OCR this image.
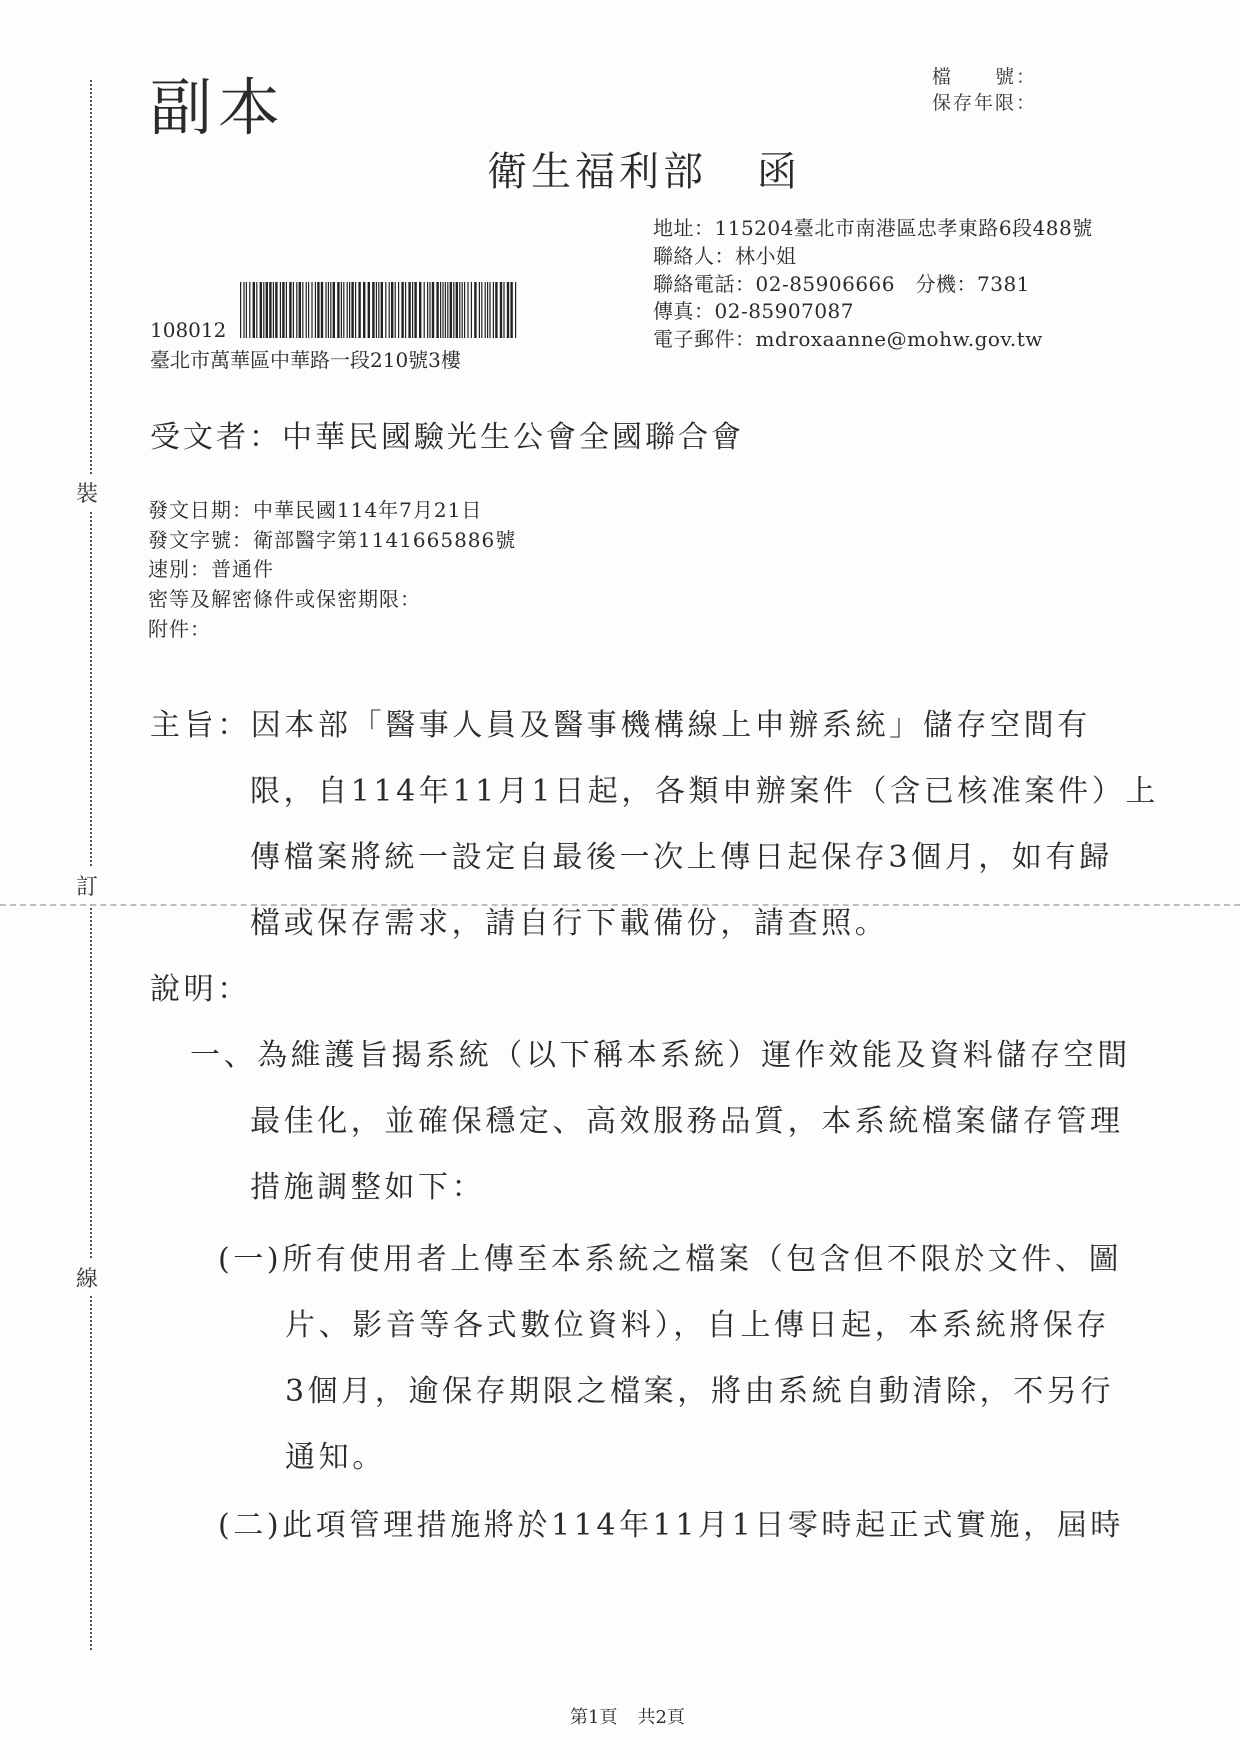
裝
訂
線
副本	檔　　號：
保存年限：
衛生福利部 函
地址：115204臺北市南港區忠孝東路6段488號
聯絡人：林小姐
聯絡電話：02-85906666　分機：7381
傳真：02-85907087
電子郵件：mdroxaanne@mohw.gov.tw
108012
臺北市萬華區中華路一段210號3樓
受文者：中華民國驗光生公會全國聯合會
發文日期：中華民國114年7月21日
發文字號：衛部醫字第1141665886號
速別：普通件
密等及解密條件或保密期限：
附件：
主旨：因本部「醫事人員及醫事機構線上申辦系統」儲存空間有
限，自114年11月1日起，各類申辦案件（含已核准案件）上
傳檔案將統一設定自最後一次上傳日起保存3個月，如有歸
檔或保存需求，請自行下載備份，請查照。
說明：
一、為維護旨揭系統（以下稱本系統）運作效能及資料儲存空間
最佳化，並確保穩定、高效服務品質，本系統檔案儲存管理
措施調整如下：
(一)所有使用者上傳至本系統之檔案（包含但不限於文件、圖
片、影音等各式數位資料），自上傳日起，本系統將保存
3個月，逾保存期限之檔案，將由系統自動清除，不另行
通知。
(二)此項管理措施將於114年11月1日零時起正式實施，屆時
第1頁 共2頁
